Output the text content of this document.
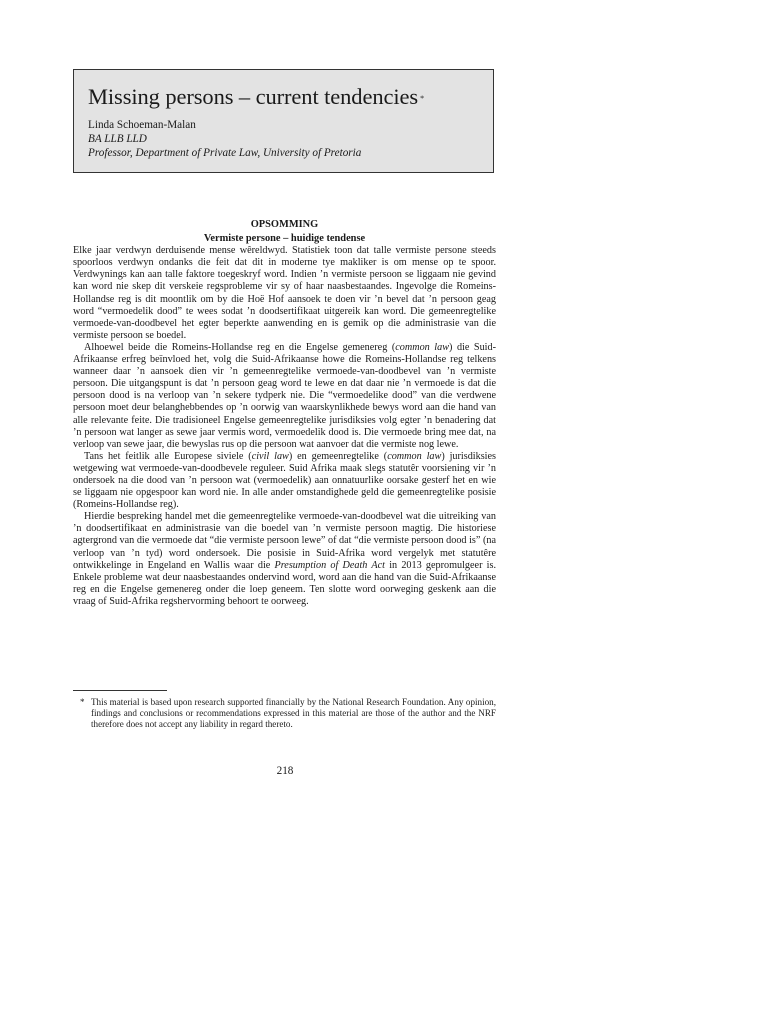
Missing persons – current tendencies *
Linda Schoeman-Malan
BA LLB LLD
Professor, Department of Private Law, University of Pretoria

OPSOMMING

Vermiste persone – huidige tendense

Elke jaar verdwyn derduisende mense wêreldwyd. Statistiek toon dat talle vermiste persone steeds spoorloos verdwyn ondanks die feit dat dit in moderne tye makliker is om mense op te spoor. Verdwynings kan aan talle faktore toegeskryf word. Indien ’n vermiste persoon se liggaam nie gevind kan word nie skep dit verskeie regsprobleme vir sy of haar naasbestaandes. Ingevolge die Romeins-Hollandse reg is dit moontlik om by die Hoë Hof aansoek te doen vir ’n bevel dat ’n persoon geag word “vermoedelik dood” te wees sodat ’n doodsertifikaat uitgereik kan word. Die gemeenregtelike vermoede-van-doodbevel het egter beperkte aanwending en is gemik op die administrasie van die vermiste persoon se boedel.

Alhoewel beide die Romeins-Hollandse reg en die Engelse gemenereg (common law) die Suid-Afrikaanse erfreg beïnvloed het, volg die Suid-Afrikaanse howe die Romeins-Hollandse reg telkens wanneer daar ’n aansoek dien vir ’n gemeenregtelike vermoede-van-doodbevel van ’n vermiste persoon. Die uitgangspunt is dat ’n persoon geag word te lewe en dat daar nie ’n vermoede is dat die persoon dood is na verloop van ’n sekere tydperk nie. Die “vermoedelike dood” van die verdwene persoon moet deur belanghebbendes op ’n oorwig van waarskynlikhede bewys word aan die hand van alle relevante feite. Die tradisioneel Engelse gemeenregtelike jurisdiksies volg egter ’n benadering dat ’n persoon wat langer as sewe jaar vermis word, vermoedelik dood is. Die vermoede bring mee dat, na verloop van sewe jaar, die bewyslas rus op die persoon wat aanvoer dat die vermiste nog lewe.

Tans het feitlik alle Europese siviele (civil law) en gemeenregtelike (common law) jurisdiksies wetgewing wat vermoede-van-doodbevele reguleer. Suid Afrika maak slegs statutêr voorsiening vir ’n ondersoek na die dood van ’n persoon wat (vermoedelik) aan onnatuurlike oorsake gesterf het en wie se liggaam nie opgespoor kan word nie. In alle ander omstandighede geld die gemeenregtelike posisie (Romeins-Hollandse reg).

Hierdie bespreking handel met die gemeenregtelike vermoede-van-doodbevel wat die uitreiking van ’n doodsertifikaat en administrasie van die boedel van ’n vermiste persoon magtig. Die historiese agtergrond van die vermoede dat “die vermiste persoon lewe” of dat “die vermiste persoon dood is” (na verloop van ’n tyd) word ondersoek. Die posisie in Suid-Afrika word vergelyk met statutêre ontwikkelinge in Engeland en Wallis waar die Presumption of Death Act in 2013 gepromulgeer is. Enkele probleme wat deur naasbestaandes ondervind word, word aan die hand van die Suid-Afrikaanse reg en die Engelse gemenereg onder die loep geneem. Ten slotte word oorweging geskenk aan die vraag of Suid-Afrika regshervorming behoort te oorweeg.

* This material is based upon research supported financially by the National Research Foundation. Any opinion, findings and conclusions or recommendations expressed in this material are those of the author and the NRF therefore does not accept any liability in regard thereto.
218
